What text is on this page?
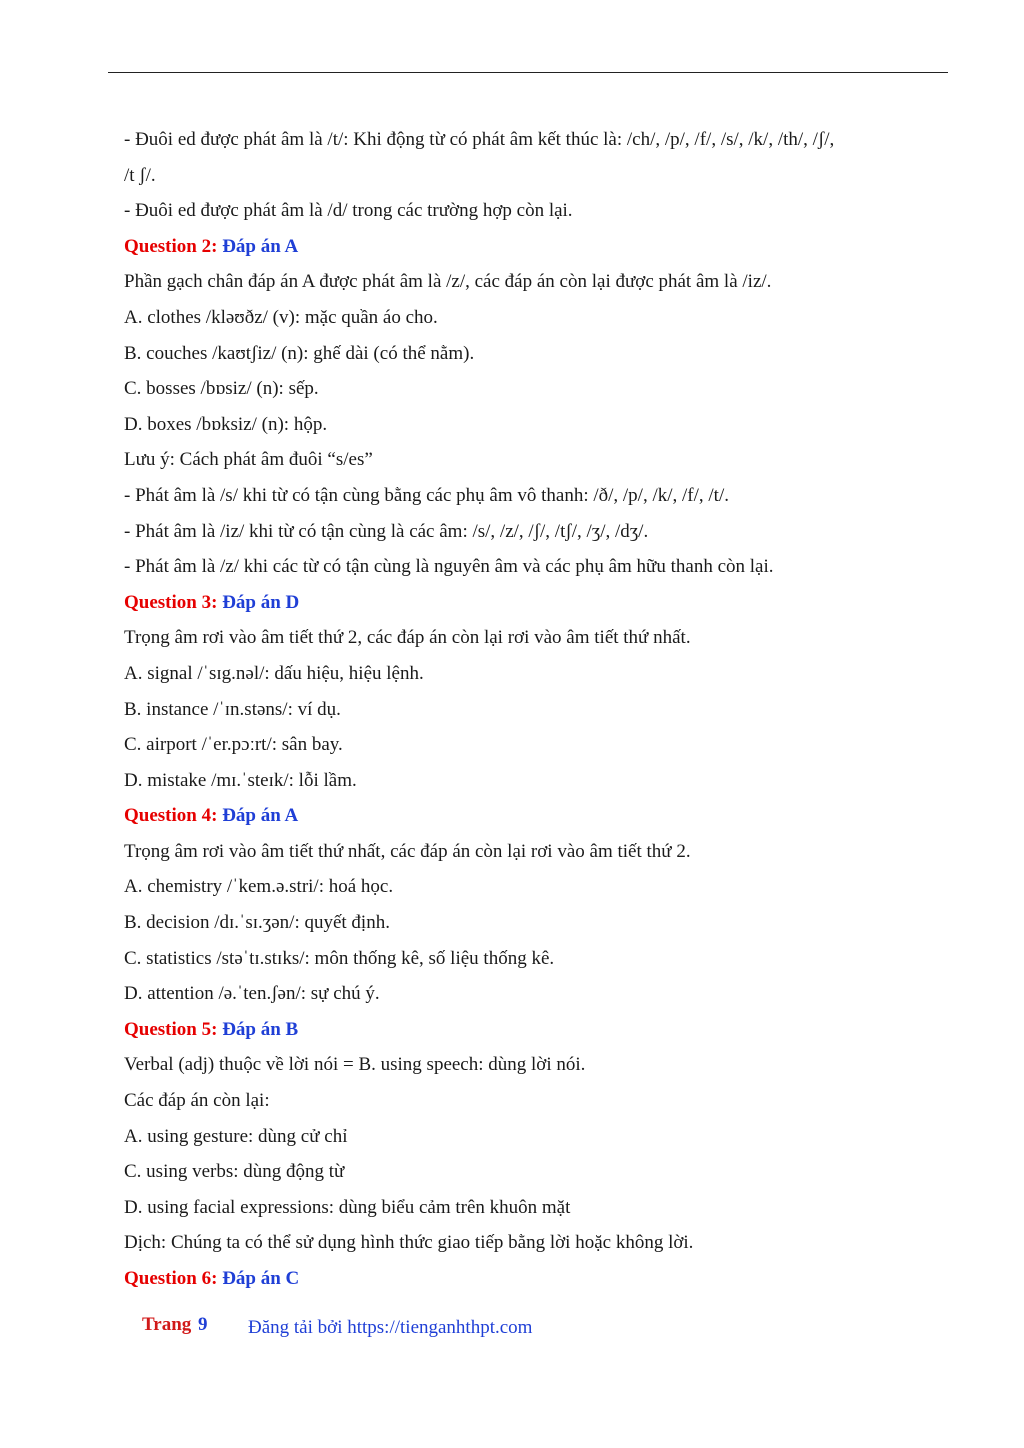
- Đuôi ed được phát âm là /t/: Khi động từ có phát âm kết thúc là: /ch/, /p/, /f/, /s/, /k/, /th/, /ʃ/,
/t ʃ/.
- Đuôi ed được phát âm là /d/ trong các trường hợp còn lại.
Question 2: Đáp án A
Phần gạch chân đáp án A được phát âm là /z/, các đáp án còn lại được phát âm là /iz/.
A. clothes /kləʊðz/ (v): mặc quần áo cho.
B. couches /kaʊtʃiz/ (n): ghế dài (có thể nằm).
C. bosses /bɒsiz/ (n): sếp.
D. boxes /bɒksiz/ (n): hộp.
Lưu ý: Cách phát âm đuôi “s/es”
- Phát âm là /s/ khi từ có tận cùng bằng các phụ âm vô thanh: /ð/, /p/, /k/, /f/, /t/.
- Phát âm là /iz/ khi từ có tận cùng là các âm: /s/, /z/, /ʃ/, /tʃ/, /ʒ/, /dʒ/.
- Phát âm là /z/ khi các từ có tận cùng là nguyên âm và các phụ âm hữu thanh còn lại.
Question 3: Đáp án D
Trọng âm rơi vào âm tiết thứ 2, các đáp án còn lại rơi vào âm tiết thứ nhất.
A. signal /ˈsɪg.nəl/: dấu hiệu, hiệu lệnh.
B. instance /ˈɪn.stəns/: ví dụ.
C. airport /ˈer.pɔːrt/: sân bay.
D. mistake /mɪ.ˈsteɪk/: lỗi lầm.
Question 4: Đáp án A
Trọng âm rơi vào âm tiết thứ nhất, các đáp án còn lại rơi vào âm tiết thứ 2.
A. chemistry /ˈkem.ə.stri/: hoá học.
B. decision /dɪ.ˈsɪ.ʒən/: quyết định.
C. statistics /stəˈtɪ.stɪks/: môn thống kê, số liệu thống kê.
D. attention /ə.ˈten.ʃən/: sự chú ý.
Question 5: Đáp án B
Verbal (adj) thuộc về lời nói = B. using speech: dùng lời nói.
Các đáp án còn lại:
A. using gesture: dùng cử chỉ
C. using verbs: dùng động từ
D. using facial expressions: dùng biểu cảm trên khuôn mặt
Dịch: Chúng ta có thể sử dụng hình thức giao tiếp bằng lời hoặc không lời.
Question 6: Đáp án C
Trang 9 Đăng tải bởi https://tienganhthpt.com
